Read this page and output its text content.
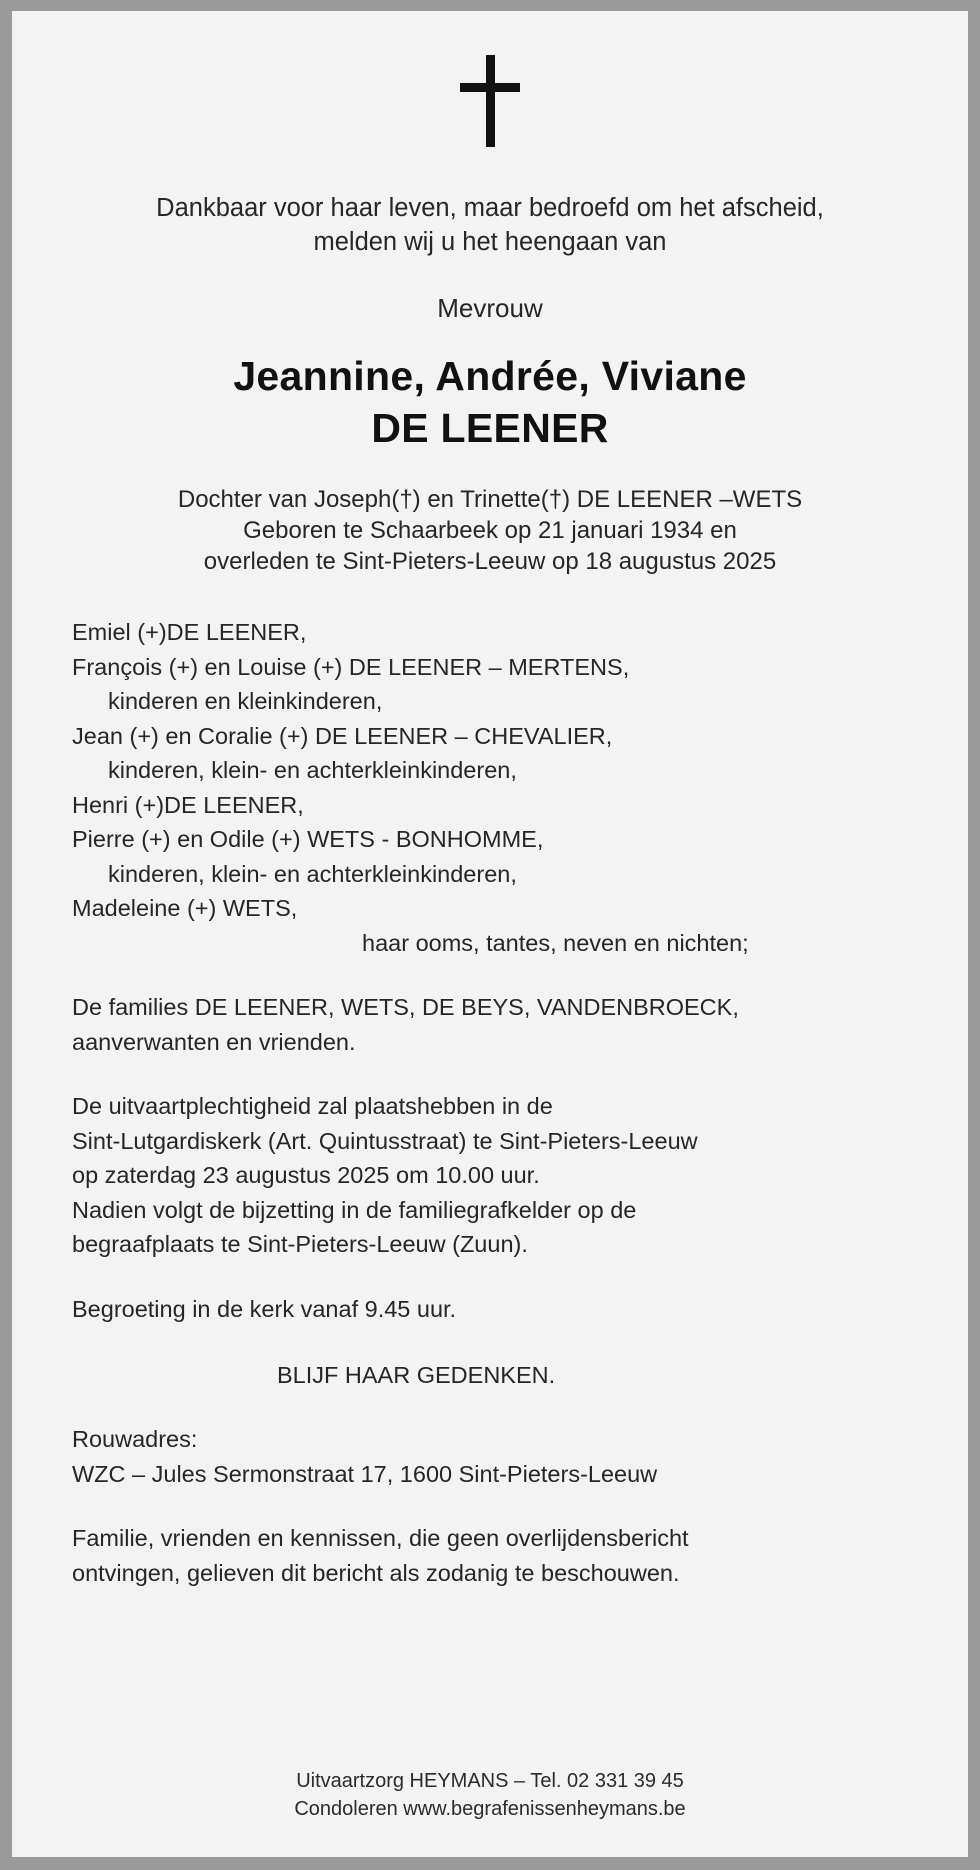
Dankbaar voor haar leven, maar bedroefd om het afscheid,
melden wij u het heengaan van
Mevrouw
Jeannine, Andrée, Viviane
DE LEENER
Dochter van Joseph(†) en Trinette(†) DE LEENER –WETS
Geboren te Schaarbeek op 21 januari 1934 en
overleden te Sint-Pieters-Leeuw op 18 augustus 2025
Emiel (+)DE LEENER,
François (+) en Louise (+) DE LEENER – MERTENS,
kinderen en kleinkinderen,
Jean (+) en Coralie (+) DE LEENER – CHEVALIER,
kinderen, klein- en achterkleinkinderen,
Henri (+)DE LEENER,
Pierre (+) en Odile (+) WETS - BONHOMME,
kinderen, klein- en achterkleinkinderen,
Madeleine (+) WETS,
haar ooms, tantes, neven en nichten;
De families DE LEENER, WETS, DE BEYS, VANDENBROECK,
aanverwanten en vrienden.
De uitvaartplechtigheid zal plaatshebben in de
Sint-Lutgardiskerk (Art. Quintusstraat) te Sint-Pieters-Leeuw
op zaterdag 23 augustus 2025 om 10.00 uur.
Nadien volgt de bijzetting in de familiegrafkelder op de
begraafplaats te Sint-Pieters-Leeuw (Zuun).
Begroeting in de kerk vanaf 9.45 uur.
BLIJF HAAR GEDENKEN.
Rouwadres:
WZC – Jules Sermonstraat 17, 1600 Sint-Pieters-Leeuw
Familie, vrienden en kennissen, die geen overlijdensbericht
ontvingen, gelieven dit bericht als zodanig te beschouwen.
Uitvaartzorg HEYMANS – Tel. 02 331 39 45
Condoleren www.begrafenissenheymans.be
